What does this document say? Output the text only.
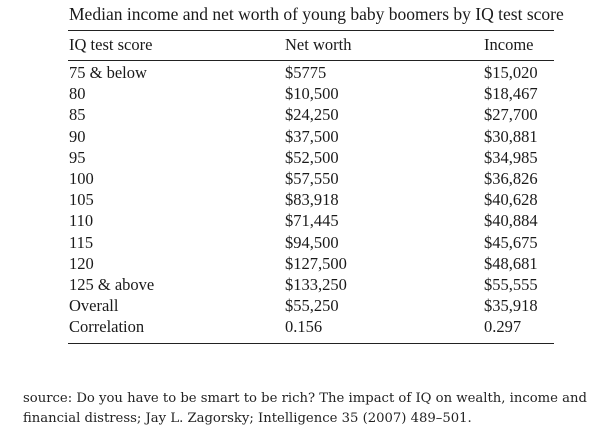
Median income and net worth of young baby boomers by IQ test score
IQ test score	Net worth	Income
75 & below	$5775	$15,020
80	$10,500	$18,467
85	$24,250	$27,700
90	$37,500	$30,881
95	$52,500	$34,985
100	$57,550	$36,826
105	$83,918	$40,628
110	$71,445	$40,884
115	$94,500	$45,675
120	$127,500	$48,681
125 & above	$133,250	$55,555
Overall	$55,250	$35,918
Correlation	0.156	0.297
source: Do you have to be smart to be rich? The impact of IQ on wealth, income and financial distress; Jay L. Zagorsky; Intelligence 35 (2007) 489–501.
